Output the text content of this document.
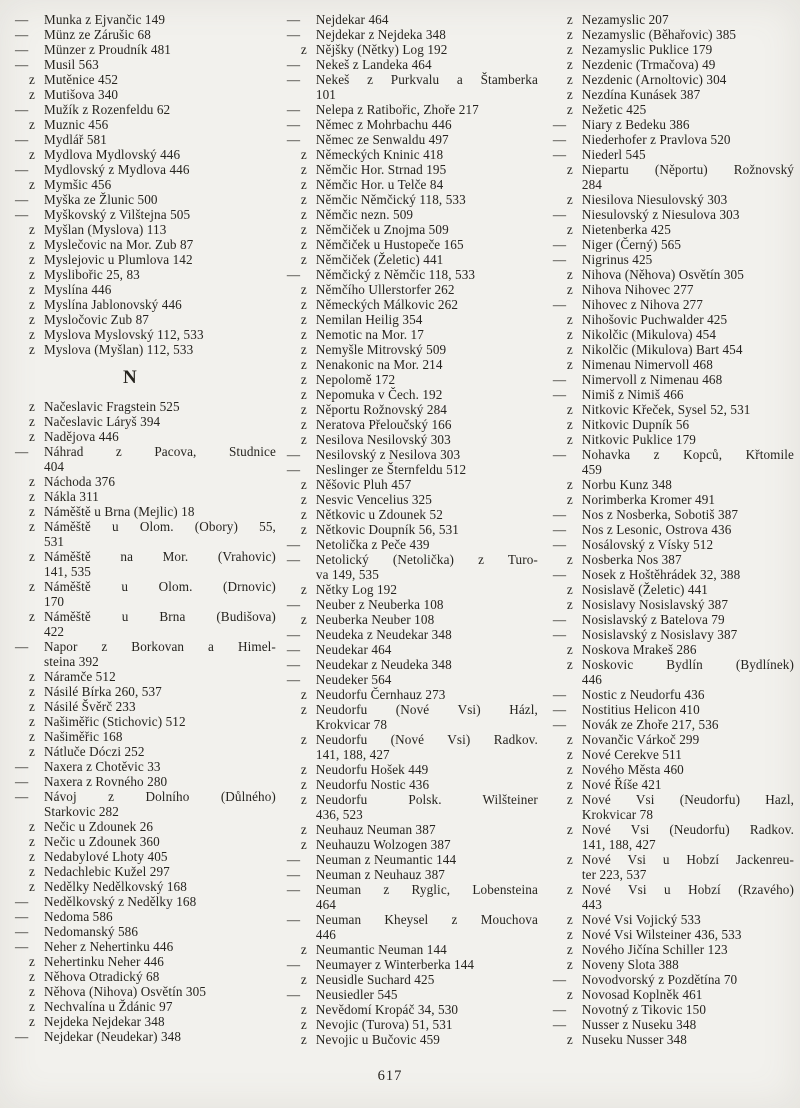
— Munka z Ejvančic 149
— Münz ze Zárušic 68
— Münzer z Proudník 481
— Musil 563
z Mutěnice 452
z Mutišova 340
— Mužík z Rozenfeldu 62
z Muznic 456
— Mydlář 581
z Mydlova Mydlovský 446
— Mydlovský z Mydlova 446
z Mymšic 456
— Myška ze Žlunic 500
— Myškovský z Vilštejna 505
z Myšlan (Myslova) 113
z Myslečovic na Mor. Zub 87
z Myslejovic u Plumlova 142
z Myslibořic 25, 83
z Myslína 446
z Myslína Jablonovský 446
z Mysločovic Zub 87
z Myslova Myslovský 112, 533
z Myslova (Myšlan) 112, 533
N
z Načeslavic Fragstein 525
z Načeslavic Láryš 394
z Nadějova 446
— Náhrad z Pacova, Studnice
404
z Náchoda 376
z Nákla 311
z Náměště u Brna (Mejlic) 18
z Náměště u Olom. (Obory) 55,
531
z Náměště na Mor. (Vrahovic)
141, 535
z Náměště u Olom. (Drnovic)
170
z Náměště u Brna (Budišova)
422
— Napor z Borkovan a Himel-
steina 392
z Náramče 512
z Násilé Bírka 260, 537
z Násilé Švěrč 233
z Našiměřic (Stichovic) 512
z Našiměřic 168
z Nátluče Dóczi 252
— Naxera z Chotěvic 33
— Naxera z Rovného 280
— Návoj z Dolního (Důlného)
Starkovic 282
z Nečic u Zdounek 26
z Nečic u Zdounek 360
z Nedabylové Lhoty 405
z Nedachlebic Kužel 297
z Nedělky Nedělkovský 168
— Nedělkovský z Nedělky 168
— Nedoma 586
— Nedomanský 586
— Neher z Nehertinku 446
z Nehertinku Neher 446
z Něhova Otradický 68
z Něhova (Nihova) Osvětín 305
z Nechvalína u Ždánic 97
z Nejdeka Nejdekar 348
— Nejdekar (Neudekar) 348
— Nejdekar 464
— Nejdekar z Nejdeka 348
z Nějšky (Nětky) Log 192
— Nekeš z Landeka 464
— Nekeš z Purkvalu a Štamberka
101
— Nelepa z Ratibořic, Zhoře 217
— Němec z Mohrbachu 446
— Němec ze Senwaldu 497
z Německých Kninic 418
z Němčic Hor. Strnad 195
z Němčic Hor. u Telče 84
z Němčic Němčický 118, 533
z Němčic nezn. 509
z Němčiček u Znojma 509
z Němčiček u Hustopeče 165
z Němčiček (Želetic) 441
— Němčický z Němčic 118, 533
z Němčího Ullerstorfer 262
z Německých Málkovic 262
z Nemilan Heilig 354
z Nemotic na Mor. 17
z Nemyšle Mitrovský 509
z Nenakonic na Mor. 214
z Nepolomě 172
z Nepomuka v Čech. 192
z Něportu Rožnovský 284
z Neratova Přeloučský 166
z Nesilova Nesilovský 303
— Nesilovský z Nesilova 303
— Neslinger ze Šternfeldu 512
z Něšovic Pluh 457
z Nesvic Vencelius 325
z Nětkovic u Zdounek 52
z Nětkovic Doupník 56, 531
— Netolička z Peče 439
— Netolický (Netolička) z Turo-
va 149, 535
z Nětky Log 192
— Neuber z Neuberka 108
z Neuberka Neuber 108
— Neudeka z Neudekar 348
— Neudekar 464
— Neudekar z Neudeka 348
— Neudeker 564
z Neudorfu Černhauz 273
z Neudorfu (Nové Vsi) Házl,
Krokvicar 78
z Neudorfu (Nové Vsi) Radkov.
141, 188, 427
z Neudorfu Hošek 449
z Neudorfu Nostic 436
z Neudorfu Polsk. Wilšteiner
436, 523
z Neuhauz Neuman 387
z Neuhauzu Wolzogen 387
— Neuman z Neumantic 144
— Neuman z Neuhauz 387
— Neuman z Ryglic, Lobensteina
464
— Neuman Kheysel z Mouchova
446
z Neumantic Neuman 144
— Neumayer z Winterberka 144
z Neusidle Suchard 425
— Neusiedler 545
z Nevědomí Kropáč 34, 530
z Nevojic (Turova) 51, 531
z Nevojic u Bučovic 459
z Nezamyslic 207
z Nezamyslic (Běhařovic) 385
z Nezamyslic Puklice 179
z Nezdenic (Trmačova) 49
z Nezdenic (Arnoltovic) 304
z Nezdína Kunásek 387
z Nežetic 425
— Niary z Bedeku 386
— Niederhofer z Pravlova 520
— Niederl 545
z Niepartu (Něportu) Rožnovský
284
z Niesilova Niesulovský 303
— Niesulovský z Niesulova 303
z Nietenberka 425
— Niger (Černý) 565
— Nigrinus 425
z Nihova (Něhova) Osvětín 305
z Nihova Nihovec 277
— Nihovec z Nihova 277
z Nihošovic Puchwalder 425
z Nikolčic (Mikulova) 454
z Nikolčic (Mikulova) Bart 454
z Nimenau Nimervoll 468
— Nimervoll z Nimenau 468
— Nimiš z Nimiš 466
z Nitkovic Křeček, Sysel 52, 531
z Nitkovic Dupník 56
z Nitkovic Puklice 179
— Nohavka z Kopců, Křtomile
459
z Norbu Kunz 348
z Norimberka Kromer 491
— Nos z Nosberka, Sobotiš 387
— Nos z Lesonic, Ostrova 436
— Nosálovský z Vísky 512
z Nosberka Nos 387
— Nosek z Hoštěhrádek 32, 388
z Nosislavě (Želetic) 441
z Nosislavy Nosislavský 387
— Nosislavský z Batelova 79
— Nosislavský z Nosislavy 387
z Noskova Mrakeš 286
z Noskovic Bydlín (Bydlínek)
446
— Nostic z Neudorfu 436
— Nostitius Helicon 410
— Novák ze Zhoře 217, 536
z Novančic Várkoč 299
z Nové Cerekve 511
z Nového Města 460
z Nové Říše 421
z Nové Vsi (Neudorfu) Hazl,
Krokvicar 78
z Nové Vsi (Neudorfu) Radkov.
141, 188, 427
z Nové Vsi u Hobzí Jackenreu-
ter 223, 537
z Nové Vsi u Hobzí (Rzavého)
443
z Nové Vsi Vojický 533
z Nové Vsi Wilsteiner 436, 533
z Nového Jičína Schiller 123
z Noveny Slota 388
— Novodvorský z Pozdětína 70
z Novosad Koplněk 461
— Novotný z Tikovic 150
— Nusser z Nuseku 348
z Nuseku Nusser 348
617
